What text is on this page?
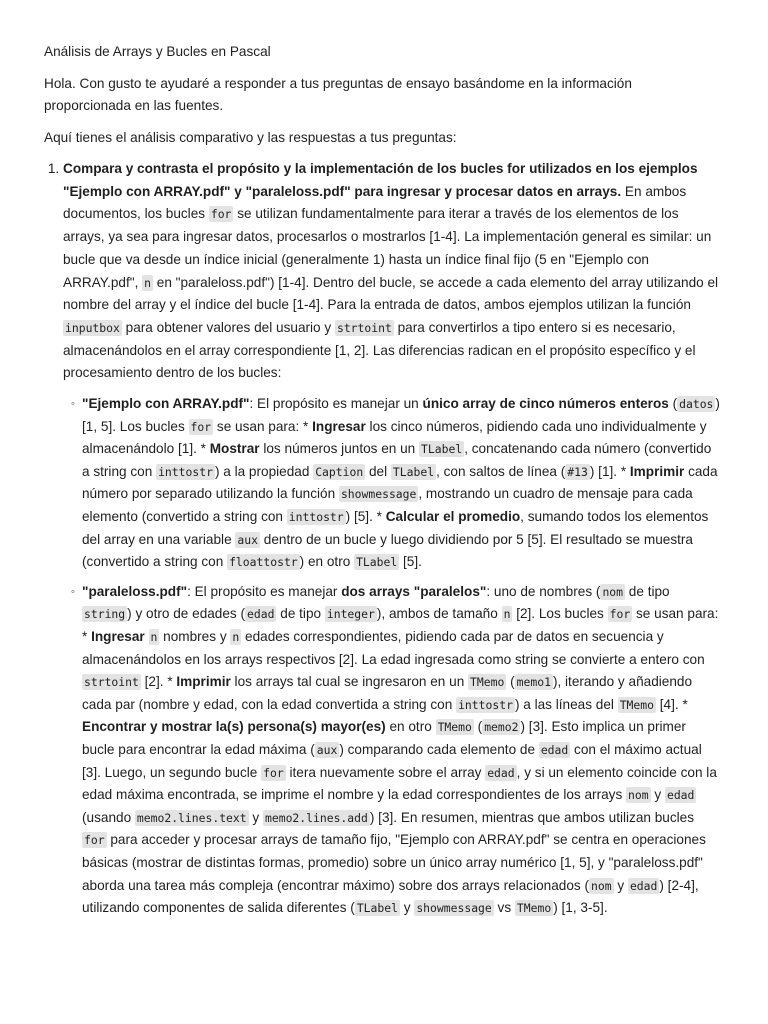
Análisis de Arrays y Bucles en Pascal

Hola. Con gusto te ayudaré a responder a tus preguntas de ensayo basándome en la información proporcionada en las fuentes.

Aquí tienes el análisis comparativo y las respuestas a tus preguntas:

1. Compara y contrasta el propósito y la implementación de los bucles for utilizados en los ejemplos "Ejemplo con ARRAY.pdf" y "paraleloss.pdf" para ingresar y procesar datos en arrays. En ambos documentos, los bucles for se utilizan fundamentalmente para iterar a través de los elementos de los arrays, ya sea para ingresar datos, procesarlos o mostrarlos [1-4]. La implementación general es similar: un bucle que va desde un índice inicial (generalmente 1) hasta un índice final fijo (5 en "Ejemplo con ARRAY.pdf", n en "paraleloss.pdf") [1-4]. Dentro del bucle, se accede a cada elemento del array utilizando el nombre del array y el índice del bucle [1-4]. Para la entrada de datos, ambos ejemplos utilizan la función inputbox para obtener valores del usuario y strtoint para convertirlos a tipo entero si es necesario, almacenándolos en el array correspondiente [1, 2]. Las diferencias radican en el propósito específico y el procesamiento dentro de los bucles:
◦ "Ejemplo con ARRAY.pdf": El propósito es manejar un único array de cinco números enteros ( datos ) [1, 5]. Los bucles for se usan para: * Ingresar los cinco números, pidiendo cada uno individualmente y almacenándolo [1]. * Mostrar los números juntos en un TLabel , concatenando cada número (convertido a string con inttostr ) a la propiedad Caption del TLabel , con saltos de línea ( #13 ) [1]. * Imprimir cada número por separado utilizando la función showmessage , mostrando un cuadro de mensaje para cada elemento (convertido a string con inttostr ) [5]. * Calcular el promedio, sumando todos los elementos del array en una variable aux dentro de un bucle y luego dividiendo por 5 [5]. El resultado se muestra (convertido a string con floattostr ) en otro TLabel [5].
◦ "paraleloss.pdf": El propósito es manejar dos arrays "paralelos": uno de nombres ( nom de tipo string ) y otro de edades ( edad de tipo integer ), ambos de tamaño n [2]. Los bucles for se usan para: * Ingresar n nombres y n edades correspondientes, pidiendo cada par de datos en secuencia y almacenándolos en los arrays respectivos [2]. La edad ingresada como string se convierte a entero con strtoint [2]. * Imprimir los arrays tal cual se ingresaron en un TMemo ( memo1 ), iterando y añadiendo cada par (nombre y edad, con la edad convertida a string con inttostr ) a las líneas del TMemo [4]. * Encontrar y mostrar la(s) persona(s) mayor(es) en otro TMemo ( memo2 ) [3]. Esto implica un primer bucle para encontrar la edad máxima ( aux ) comparando cada elemento de edad con el máximo actual [3]. Luego, un segundo bucle for itera nuevamente sobre el array edad , y si un elemento coincide con la edad máxima encontrada, se imprime el nombre y la edad correspondientes de los arrays nom y edad (usando memo2.lines.text y memo2.lines.add ) [3]. En resumen, mientras que ambos utilizan bucles for para acceder y procesar arrays de tamaño fijo, "Ejemplo con ARRAY.pdf" se centra en operaciones básicas (mostrar de distintas formas, promedio) sobre un único array numérico [1, 5], y "paraleloss.pdf" aborda una tarea más compleja (encontrar máximo) sobre dos arrays relacionados ( nom y edad ) [2-4], utilizando componentes de salida diferentes ( TLabel y showmessage vs TMemo ) [1, 3-5].
